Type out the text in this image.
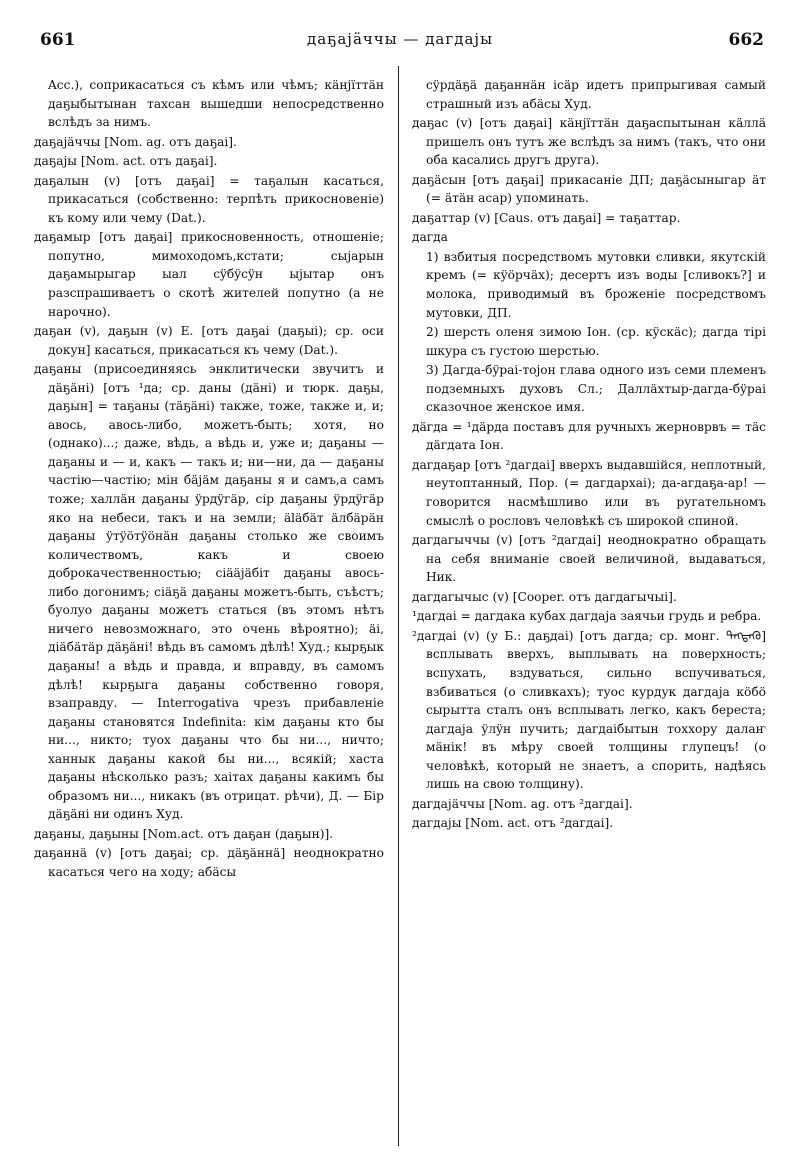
661	даҕаjäччы — дагдаjы	662

Acc.), соприкасаться съ кѣмъ или чѣмъ; кäнjïттäн даҕыбытынан тахсан вышедши непосредственно вслѣдъ за нимъ.

даҕаjäччы [Nom. ag. отъ даҕаі].

даҕаjы [Nom. act. отъ даҕаі].

даҕалын (v) [отъ даҕаі] = таҕалын касаться, прикасаться (собственно: терпѣть прикосновеніе) къ кому или чему (Dat.).

даҕамыр [отъ даҕаі] прикосновенность, отношеніе; попутно, мимоходомъ,кстати; сыјарын даҕамырыгар ыал сÿбÿсÿн ыjытар онъ разспрашиваетъ о скотѣ жителей попутно (а не нарочно).

даҕан (v), даҕын (v) Е. [отъ даҕаі (даҕыі); ср. оси докун] касаться, прикасаться къ чему (Dat.).

даҕаны (присоединяясь энклитически звучитъ и дäҕäні) [отъ ¹да; ср. даны (дäні) и тюрк. даҕы, даҕын] = таҕаны (тäҕäні) также, тоже, также и, и; авось, авось-либо, можетъ-быть; хотя, но (однако)...; даже, вѣдь, а вѣдь и, уже и; даҕаны — даҕаны и — и, какъ — такъ и; ни—ни, да — даҕаны частію—частію; мін бäjäм даҕаны я и самъ,а самъ тоже; халлäн даҕаны ÿрдÿгäр, сір даҕаны ÿрдÿгäр яко на небеси, такъ и на земли; äläбäт äлбäрäн даҕаны ÿтÿöтÿöнäн даҕаны столько же своимъ количествомъ, какъ и своею доброкачественностью; сіääjäбіт даҕаны авось-либо догонимъ; сіäҕä даҕаны можетъ-быть, съѣстъ; буолуо даҕаны можетъ статься (въ этомъ нѣтъ ничего невозможнаго, это очень вѣроятно); äі, діäбäтäр дäҕäні! вѣдь въ самомъ дѣлѣ! Худ.; кырҕык даҕаны! а вѣдь и правда, и вправду, въ самомъ дѣлѣ! кырҕыга даҕаны собственно говоря, взаправду. — Interrogativa чрезъ прибавленіе даҕаны становятся Indefinita: кім даҕаны кто бы ни..., никто; туох даҕаны что бы ни..., ничто; ханнык даҕаны какой бы ни..., всякій; хаста даҕаны нѣсколько разъ; хаітах даҕаны какимъ бы образомъ ни..., никакъ (въ отрицат. рѣчи), Д. — Бір дäҕäні ни одинъ Худ.

даҕаны, даҕыны [Nom.act. отъ даҕан (даҕын)].

даҕаннä (v) [отъ даҕаі; ср. дäҕäннä] неоднократно касаться чего на ходу; абäсы

сÿрдäҕä даҕаннäн ісäр идетъ припрыгивая самый страшный изъ абäсы Худ.

даҕас (v) [отъ даҕаі] кäнjïттäн даҕаспытынан кäллä пришелъ онъ тутъ же вслѣдъ за нимъ (такъ, что они оба касались другъ друга).

даҕäсын [отъ даҕаі] прикасаніе ДП; даҕäсыныгар äт (= äтäн асар) упоминать.

даҕаттар (v) [Caus. отъ даҕаі] = таҕаттар.

дагда

1) взбитыя посредствомъ мутовки сливки, якутскій кремъ (= кÿöрчäх); десертъ изъ воды [сливокъ?] и молока, приводимый въ броженіе посредствомъ мутовки, ДП.

2) шерсть оленя зимою Іон. (ср. кÿскäс); дагда тірі шкура съ густою шерстью.

3) Дагда-бÿраі-тојон глава одного изъ семи племенъ подземныхъ духовъ Сл.; Даллäхтыр-дагда-бÿраі сказочное женское имя.

дäгда = ¹дäрда поставъ для ручныхъ жерноврвъ = тäс дäгдата Іон.

дагдаҕар [отъ ²дагдаі] вверхъ выдавшійся, неплотный, неутоптанный, Пор. (= дагдархаі); да-агдаҕа-ар! — говорится насмѣшливо или въ ругательномъ смыслѣ о рословъ человѣкѣ съ широкой спиной.

дагдагыччы (v) [отъ ²дагдаі] неоднократно обращать на себя вниманіе своей величиной, выдаваться, Ник.

дагдагычыс (v) [Cooper. отъ дагдагычыі].

¹дагдаі = дагдака кубах дагдаја заячьи грудь и ребра.

²дагдаі (v) (у Б.: даҕдаі) [отъ дагда; ср. монг. ᠳᠡᠭᠳᠡᠬᠦ] всплывать вверхъ, выплывать на поверхность; вспухать, вздуваться, сильно вспучиваться, взбиваться (о сливкахъ); туос курдук дагдаја кöбö сырытта сталъ онъ всплывать легко, какъ береста; дагдаја ÿлÿн пучить; дагдаібытын тоххору далаҥ мäнік! въ мѣру своей толщины глупецъ! (о человѣкѣ, который не знаетъ, а спорить, надѣясь лишь на свою толщину).

дагдаjäччы [Nom. ag. отъ ²дагдаі].

дагдаjы [Nom. act. отъ ²дагдаі].
